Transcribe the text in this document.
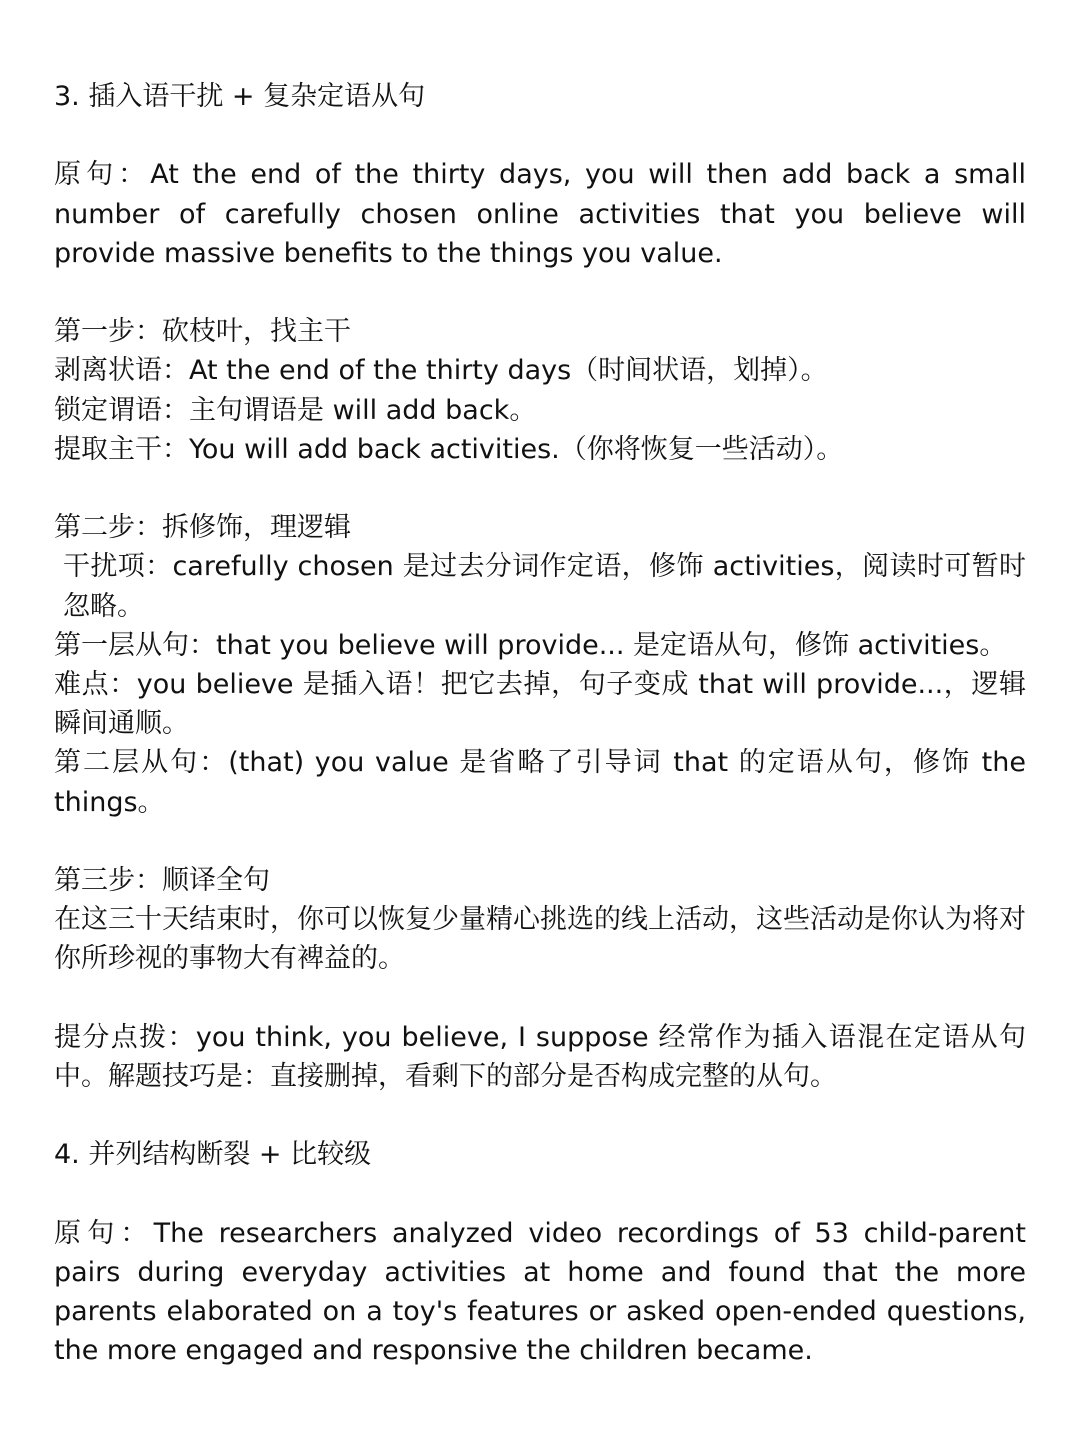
3. 插入语干扰 + 复杂定语从句
原句：At the end of the thirty days, you will then add back a small number of carefully chosen online activities that you believe will provide massive benefits to the things you value.
第一步：砍枝叶，找主干
剥离状语：At the end of the thirty days（时间状语，划掉）。
锁定谓语：主句谓语是 will add back。
提取主干：You will add back activities.（你将恢复一些活动）。
第二步：拆修饰，理逻辑
干扰项：carefully chosen 是过去分词作定语，修饰 activities，阅读时可暂时忽略。
第一层从句：that you believe will provide... 是定语从句，修饰 activities。
难点：you believe 是插入语！把它去掉，句子变成 that will provide...，逻辑瞬间通顺。
第二层从句：(that) you value 是省略了引导词 that 的定语从句，修饰 the things。
第三步：顺译全句
在这三十天结束时，你可以恢复少量精心挑选的线上活动，这些活动是你认为将对你所珍视的事物大有裨益的。
提分点拨：you think, you believe, I suppose 经常作为插入语混在定语从句中。解题技巧是：直接删掉，看剩下的部分是否构成完整的从句。
4. 并列结构断裂 + 比较级
原句：The researchers analyzed video recordings of 53 child-parent pairs during everyday activities at home and found that the more parents elaborated on a toy's features or asked open-ended questions, the more engaged and responsive the children became.
